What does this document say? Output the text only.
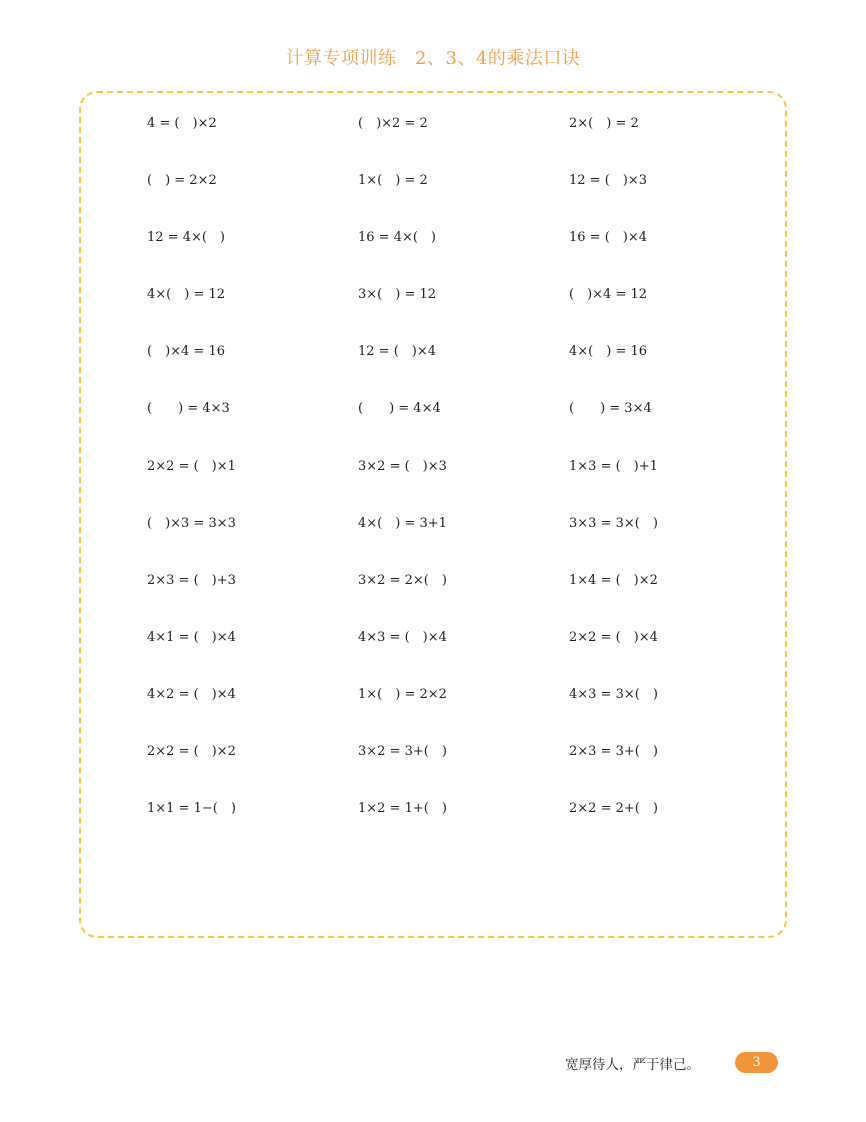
计算专项训练　2、3、4的乘法口诀
4 = (　)×2	(　)×2 = 2	2×(　) = 2
(　) = 2×2	1×(　) = 2	12 = (　)×3
12 = 4×(　)	16 = 4×(　)	16 = (　)×4
4×(　) = 12	3×(　) = 12	(　)×4 = 12
(　)×4 = 16	12 = (　)×4	4×(　) = 16
(　　) = 4×3	(　　) = 4×4	(　　) = 3×4
2×2 = (　)×1	3×2 = (　)×3	1×3 = (　)+1
(　)×3 = 3×3	4×(　) = 3+1	3×3 = 3×(　)
2×3 = (　)+3	3×2 = 2×(　)	1×4 = (　)×2
4×1 = (　)×4	4×3 = (　)×4	2×2 = (　)×4
4×2 = (　)×4	1×(　) = 2×2	4×3 = 3×(　)
2×2 = (　)×2	3×2 = 3+(　)	2×3 = 3+(　)
1×1 = 1−(　)	1×2 = 1+(　)	2×2 = 2+(　)
宽厚待人，严于律己。	3
